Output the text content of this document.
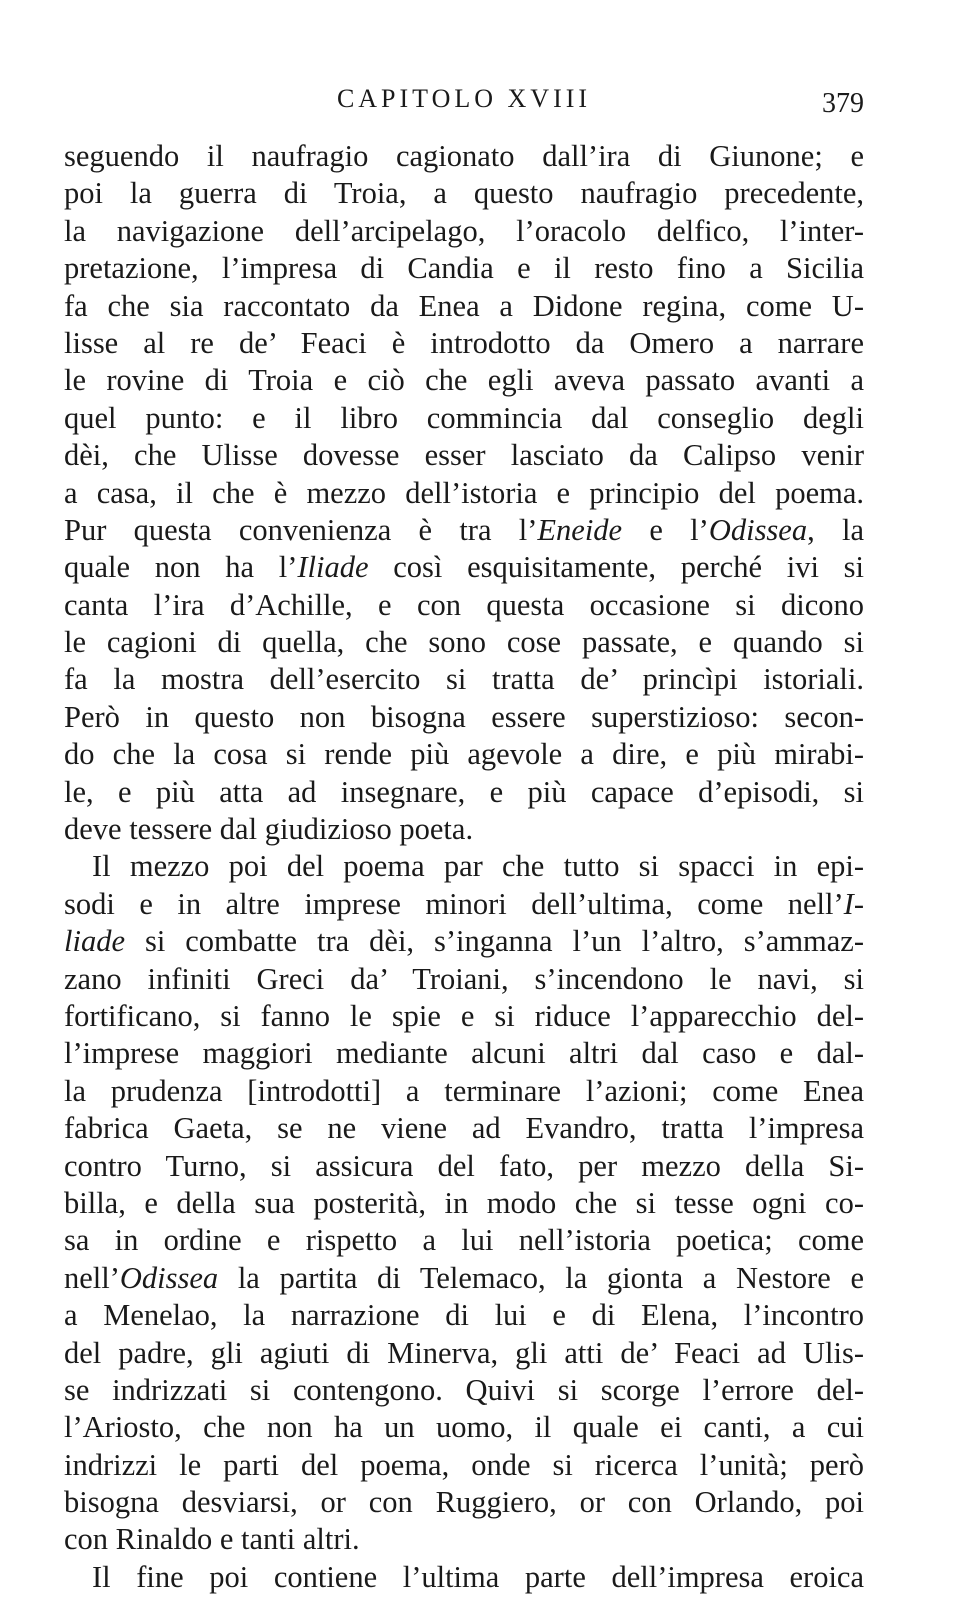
CAPITOLO XVIII	379
seguendo il naufragio cagionato dall’ira di Giunone; e
poi la guerra di Troia, a questo naufragio precedente,
la navigazione dell’arcipelago, l’oracolo delfico, l’inter-
pretazione, l’impresa di Candia e il resto fino a Sicilia
fa che sia raccontato da Enea a Didone regina, come U-
lisse al re de’ Feaci è introdotto da Omero a narrare
le rovine di Troia e ciò che egli aveva passato avanti a
quel punto: e il libro commincia dal conseglio degli
dèi, che Ulisse dovesse esser lasciato da Calipso venir
a casa, il che è mezzo dell’istoria e principio del poema.
Pur questa convenienza è tra l’Eneide e l’Odissea, la
quale non ha l’Iliade così esquisitamente, perché ivi si
canta l’ira d’Achille, e con questa occasione si dicono
le cagioni di quella, che sono cose passate, e quando si
fa la mostra dell’esercito si tratta de’ princìpi istoriali.
Però in questo non bisogna essere superstizioso: secon-
do che la cosa si rende più agevole a dire, e più mirabi-
le, e più atta ad insegnare, e più capace d’episodi, si
deve tessere dal giudizioso poeta.
Il mezzo poi del poema par che tutto si spacci in epi-
sodi e in altre imprese minori dell’ultima, come nell’I-
liade si combatte tra dèi, s’inganna l’un l’altro, s’ammaz-
zano infiniti Greci da’ Troiani, s’incendono le navi, si
fortificano, si fanno le spie e si riduce l’apparecchio del-
l’imprese maggiori mediante alcuni altri dal caso e dal-
la prudenza [introdotti] a terminare l’azioni; come Enea
fabrica Gaeta, se ne viene ad Evandro, tratta l’impresa
contro Turno, si assicura del fato, per mezzo della Si-
billa, e della sua posterità, in modo che si tesse ogni co-
sa in ordine e rispetto a lui nell’istoria poetica; come
nell’Odissea la partita di Telemaco, la gionta a Nestore e
a Menelao, la narrazione di lui e di Elena, l’incontro
del padre, gli agiuti di Minerva, gli atti de’ Feaci ad Ulis-
se indrizzati si contengono. Quivi si scorge l’errore del-
l’Ariosto, che non ha un uomo, il quale ei canti, a cui
indrizzi le parti del poema, onde si ricerca l’unità; però
bisogna desviarsi, or con Ruggiero, or con Orlando, poi
con Rinaldo e tanti altri.
Il fine poi contiene l’ultima parte dell’impresa eroica
